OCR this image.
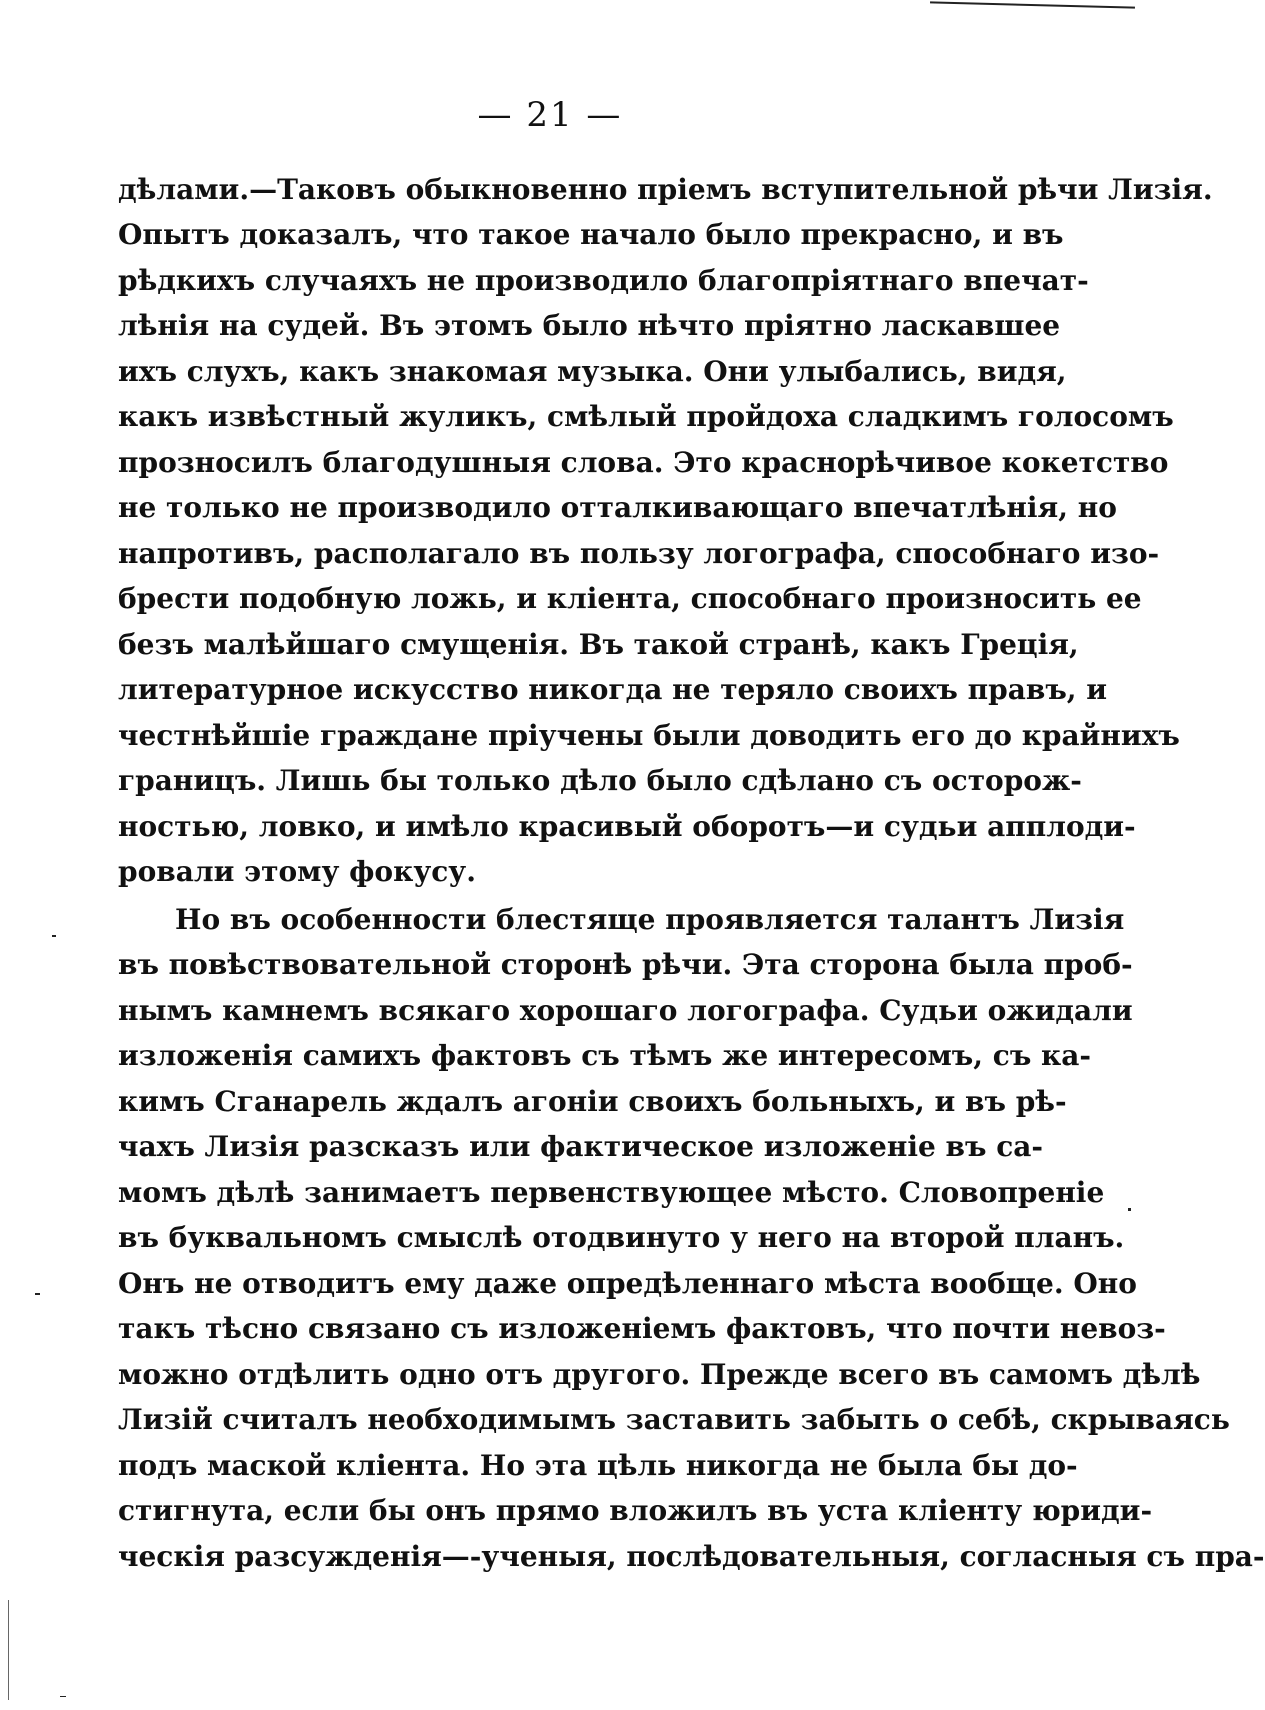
— 21 —
дѣлами.—Таковъ обыкновенно пріемъ вступительной рѣчи Лизія.
Опытъ доказалъ, что такое начало было прекрасно, и въ
рѣдкихъ случаяхъ не производило благопріятнаго впечат-
лѣнія на судей. Въ этомъ было нѣчто пріятно ласкавшее
ихъ слухъ, какъ знакомая музыка. Они улыбались, видя,
какъ извѣстный жуликъ, смѣлый пройдоха сладкимъ голосомъ
прозносилъ благодушныя слова. Это краснорѣчивое кокетство
не только не производило отталкивающаго впечатлѣнія, но
напротивъ, располагало въ пользу логографа, способнаго изо-
брести подобную ложь, и кліента, способнаго произносить ее
безъ малѣйшаго смущенія. Въ такой странѣ, какъ Греція,
литературное искусство никогда не теряло своихъ правъ, и
честнѣйшіе граждане пріучены были доводить его до крайнихъ
границъ. Лишь бы только дѣло было сдѣлано съ осторож-
ностью, ловко, и имѣло красивый оборотъ—и судьи апплоди-
ровали этому фокусу.
Но въ особенности блестяще проявляется талантъ Лизія
въ повѣствовательной сторонѣ рѣчи. Эта сторона была проб-
нымъ камнемъ всякаго хорошаго логографа. Судьи ожидали
изложенія самихъ фактовъ съ тѣмъ же интересомъ, съ ка-
кимъ Сганарель ждалъ агоніи своихъ больныхъ, и въ рѣ-
чахъ Лизія разсказъ или фактическое изложеніе въ са-
момъ дѣлѣ занимаетъ первенствующее мѣсто. Словопреніе
въ буквальномъ смыслѣ отодвинуто у него на второй планъ.
Онъ не отводитъ ему даже опредѣленнаго мѣста вообще. Оно
такъ тѣсно связано съ изложеніемъ фактовъ, что почти невоз-
можно отдѣлить одно отъ другого. Прежде всего въ самомъ дѣлѣ
Лизій считалъ необходимымъ заставить забыть о себѣ, скрываясь
подъ маской кліента. Но эта цѣль никогда не была бы до-
стигнута, если бы онъ прямо вложилъ въ уста кліенту юриди-
ческія разсужденія—-ученыя, послѣдовательныя, согласныя съ пра-
